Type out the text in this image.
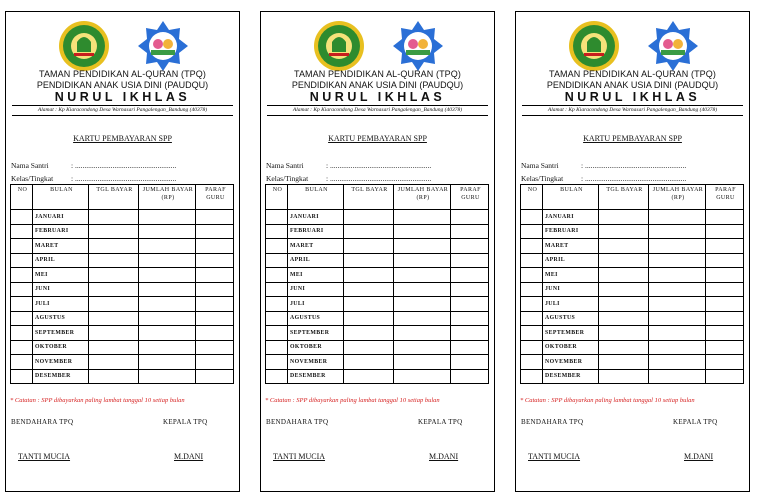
TAMAN PENDIDIKAN AL-QURAN (TPQ)
PENDIDIKAN ANAK USIA DINI (PAUDQU)
NURUL IKHLAS
Alamat : Kp Kiaracondong Desa Warnasari Pangalengan_Bandung (40378)
KARTU PEMBAYARAN SPP
Nama Santri	: ......................................................
Kelas/Tingkat : ......................................................
NO	BULAN	TGL BAYAR	JUMLAH BAYAR (RP)	PARAF GURU
	JANUARI			
	FEBRUARI			
	MARET			
	APRIL			
	MEI			
	JUNI			
	JULI			
	AGUSTUS			
	SEPTEMBER			
	OKTOBER			
	NOVEMBER			
	DESEMBER			
* Catatan : SPP dibayarkan paling lambat tanggal 10 setiap bulan
BENDAHARA TPQ	KEPALA TPQ
TANTI MUCIA	M.DANI
TAMAN PENDIDIKAN AL-QURAN (TPQ)
PENDIDIKAN ANAK USIA DINI (PAUDQU)
NURUL IKHLAS
Alamat : Kp Kiaracondong Desa Warnasari Pangalengan_Bandung (40378)
KARTU PEMBAYARAN SPP
Nama Santri	: ......................................................
Kelas/Tingkat : ......................................................
NO	BULAN	TGL BAYAR	JUMLAH BAYAR (RP)	PARAF GURU
	JANUARI			
	FEBRUARI			
	MARET			
	APRIL			
	MEI			
	JUNI			
	JULI			
	AGUSTUS			
	SEPTEMBER			
	OKTOBER			
	NOVEMBER			
	DESEMBER			
* Catatan : SPP dibayarkan paling lambat tanggal 10 setiap bulan
BENDAHARA TPQ	KEPALA TPQ
TANTI MUCIA	M.DANI
TAMAN PENDIDIKAN AL-QURAN (TPQ)
PENDIDIKAN ANAK USIA DINI (PAUDQU)
NURUL IKHLAS
Alamat : Kp Kiaracondong Desa Warnasari Pangalengan_Bandung (40378)
KARTU PEMBAYARAN SPP
Nama Santri	: ......................................................
Kelas/Tingkat : ......................................................
NO	BULAN	TGL BAYAR	JUMLAH BAYAR (RP)	PARAF GURU
	JANUARI			
	FEBRUARI			
	MARET			
	APRIL			
	MEI			
	JUNI			
	JULI			
	AGUSTUS			
	SEPTEMBER			
	OKTOBER			
	NOVEMBER			
	DESEMBER			
* Catatan : SPP dibayarkan paling lambat tanggal 10 setiap bulan
BENDAHARA TPQ	KEPALA TPQ
TANTI MUCIA	M.DANI
